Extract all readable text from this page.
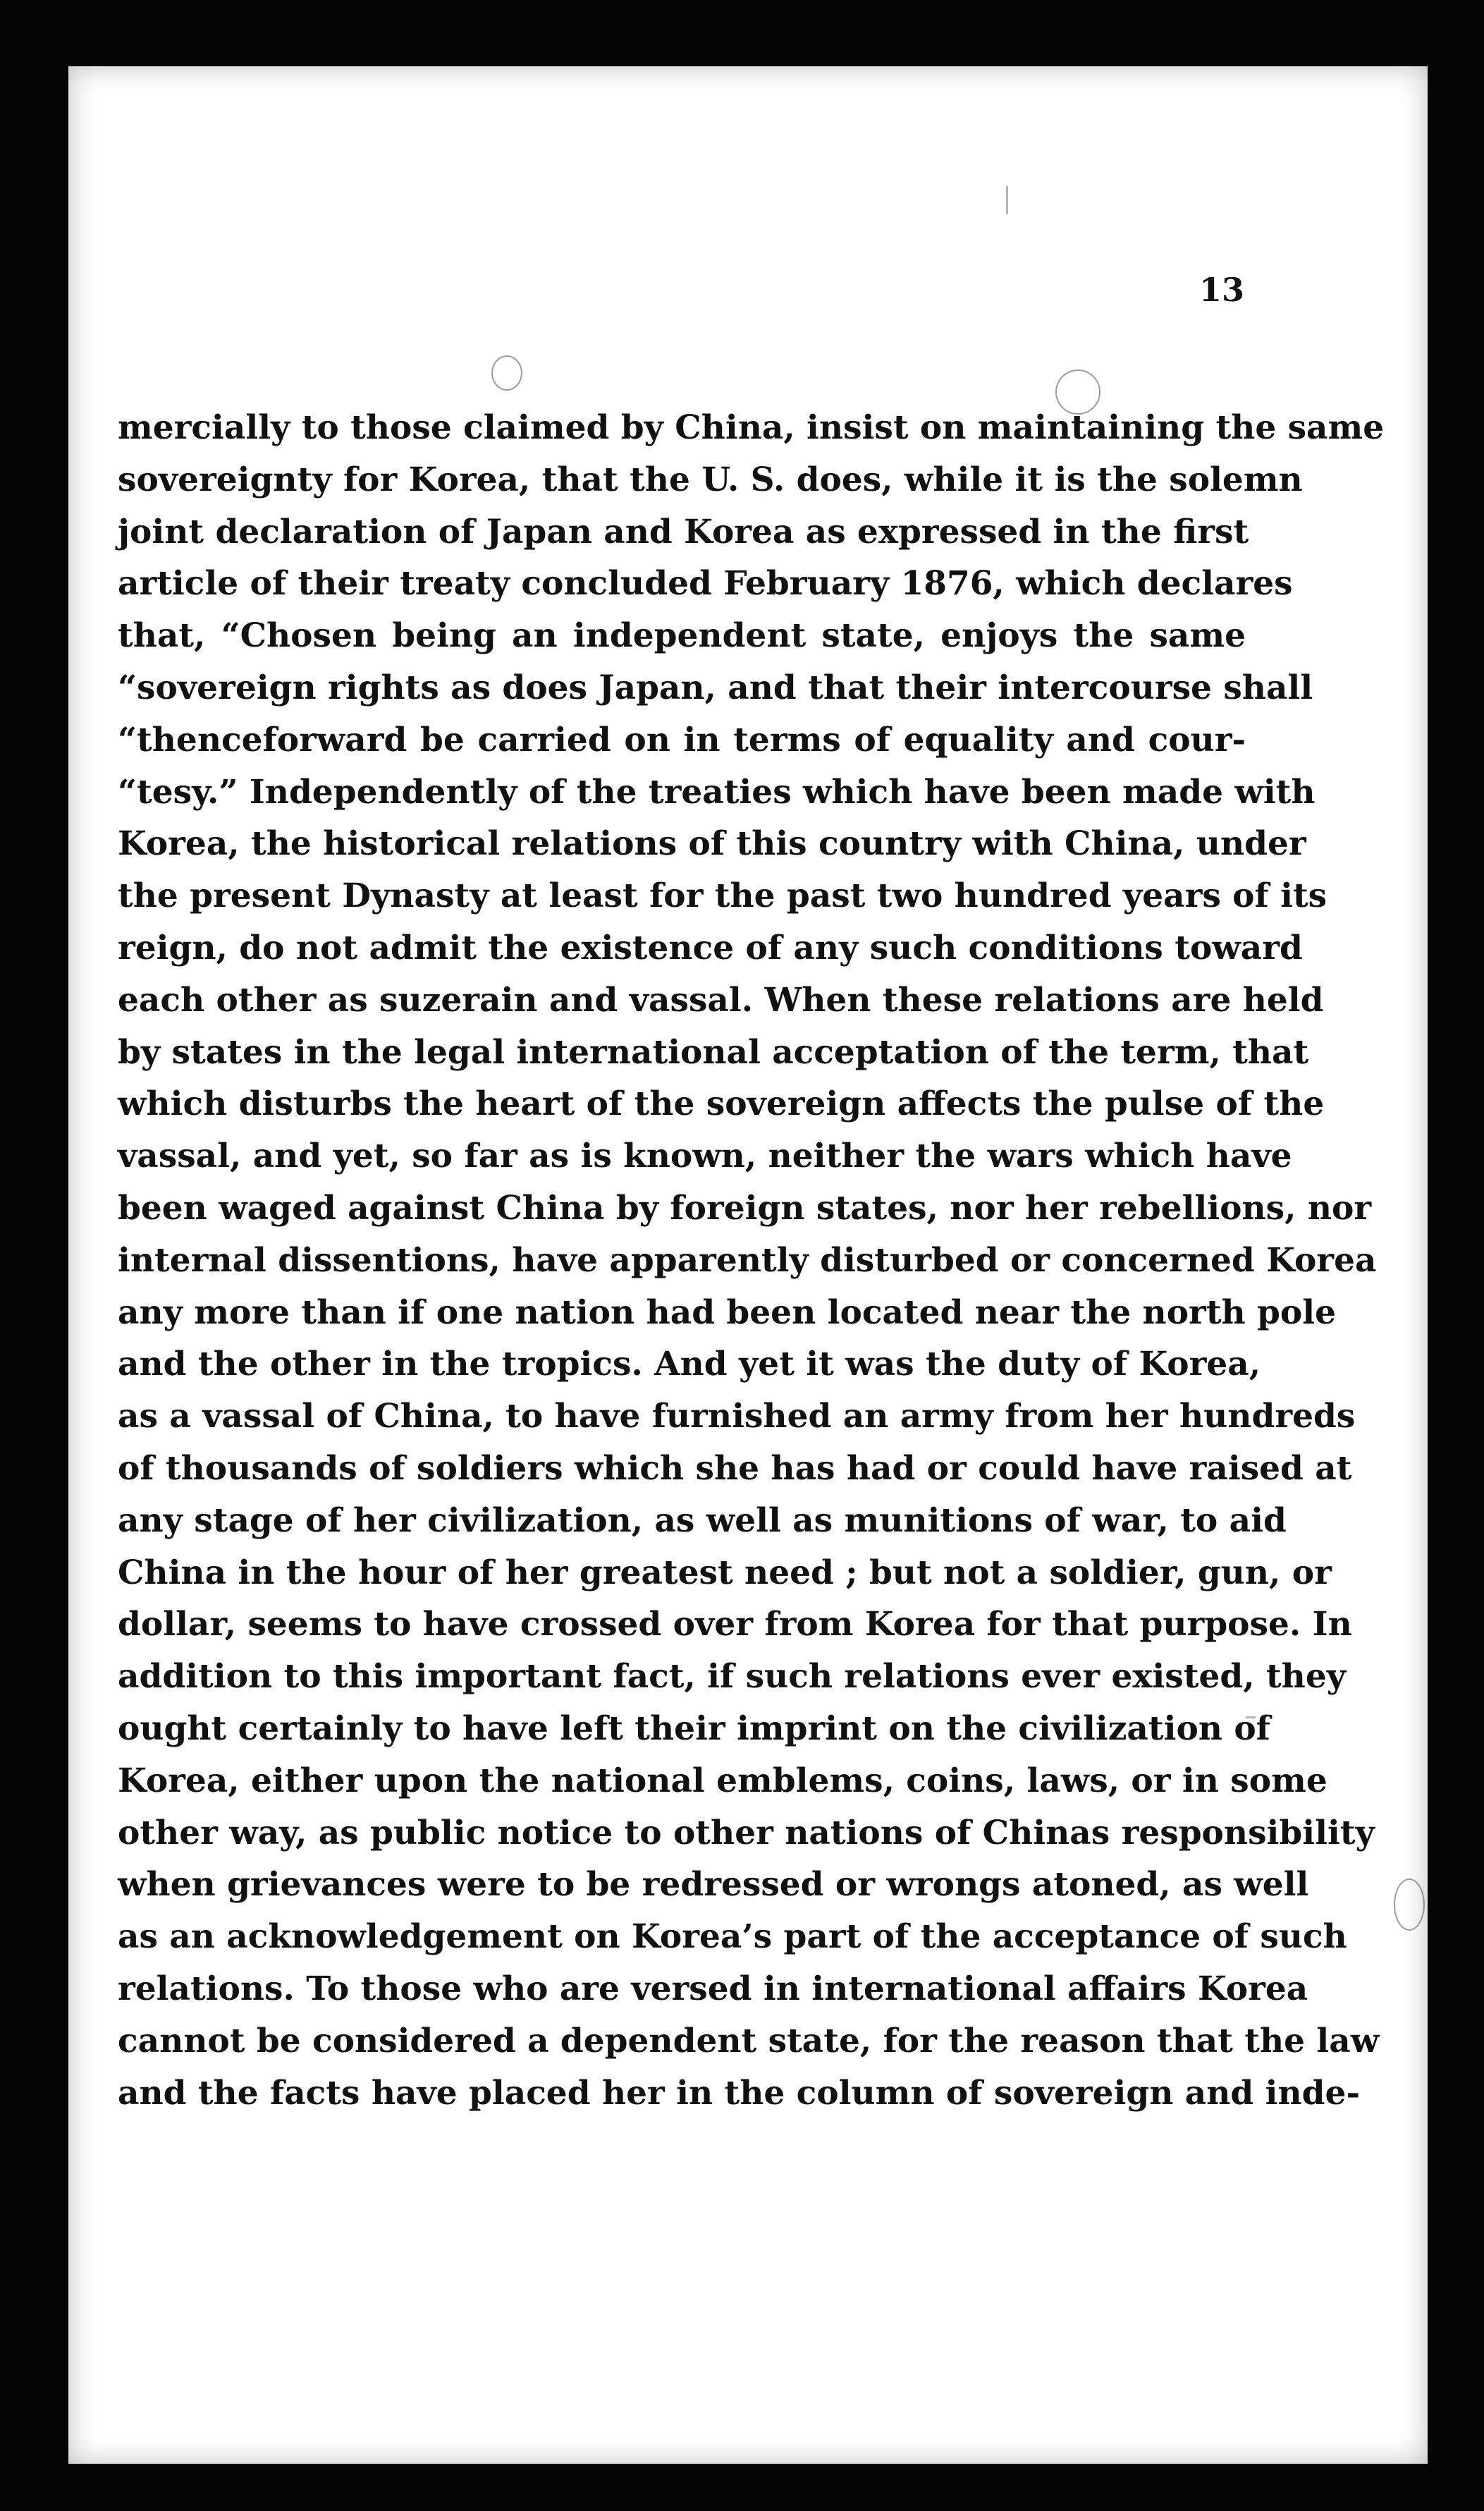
13

mercially to those claimed by China, insist on maintaining the same
sovereignty for Korea, that the U. S. does, while it is the solemn
joint declaration of Japan and Korea as expressed in the first
article of their treaty concluded February 1876, which declares
that, “Chosen being an independent state, enjoys the same
“sovereign rights as does Japan, and that their intercourse shall
“thenceforward be carried on in terms of equality and cour-
“tesy.” Independently of the treaties which have been made with
Korea, the historical relations of this country with China, under
the present Dynasty at least for the past two hundred years of its
reign, do not admit the existence of any such conditions toward
each other as suzerain and vassal. When these relations are held
by states in the legal international acceptation of the term, that
which disturbs the heart of the sovereign affects the pulse of the
vassal, and yet, so far as is known, neither the wars which have
been waged against China by foreign states, nor her rebellions, nor
internal dissentions, have apparently disturbed or concerned Korea
any more than if one nation had been located near the north pole
and the other in the tropics. And yet it was the duty of Korea,
as a vassal of China, to have furnished an army from her hundreds
of thousands of soldiers which she has had or could have raised at
any stage of her civilization, as well as munitions of war, to aid
China in the hour of her greatest need ; but not a soldier, gun, or
dollar, seems to have crossed over from Korea for that purpose. In
addition to this important fact, if such relations ever existed, they
ought certainly to have left their imprint on the civilization of
Korea, either upon the national emblems, coins, laws, or in some
other way, as public notice to other nations of Chinas responsibility
when grievances were to be redressed or wrongs atoned, as well
as an acknowledgement on Korea’s part of the acceptance of such
relations. To those who are versed in international affairs Korea
cannot be considered a dependent state, for the reason that the law
and the facts have placed her in the column of sovereign and inde-
